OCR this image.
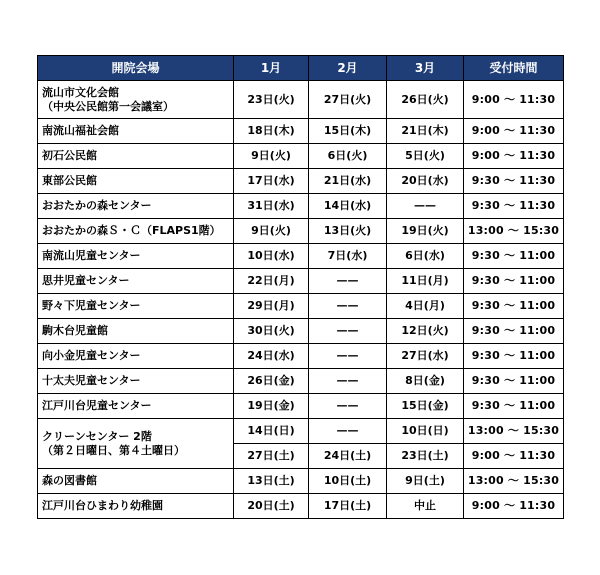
開院会場	1月	2月	3月	受付時間

流山市文化会館
（中央公民館第一会議室）	23日(火)	27日(火)	26日(火)	9:00 ～ 11:30
南流山福祉会館	18日(木)	15日(木)	21日(木)	9:00 ～ 11:30
初石公民館	9日(火)	6日(火)	5日(火)	9:00 ～ 11:30
東部公民館	17日(水)	21日(水)	20日(水)	9:30 ～ 11:30
おおたかの森センター	31日(水)	14日(水)	——	9:30 ～ 11:30
おおたかの森Ｓ・Ｃ（FLAPS1階）	9日(火)	13日(火)	19日(火)	13:00 ～ 15:30
南流山児童センター	10日(水)	7日(水)	6日(水)	9:30 ～ 11:00
思井児童センター	22日(月)	——	11日(月)	9:30 ～ 11:00
野々下児童センター	29日(月)	——	4日(月)	9:30 ～ 11:00
駒木台児童館	30日(火)	——	12日(火)	9:30 ～ 11:00
向小金児童センター	24日(水)	——	27日(水)	9:30 ～ 11:00
十太夫児童センター	26日(金)	——	8日(金)	9:30 ～ 11:00
江戸川台児童センター	19日(金)	——	15日(金)	9:30 ～ 11:00

クリーンセンター 2階
（第２日曜日、第４土曜日）	14日(日)	——	10日(日)	13:00 ～ 15:30
	27日(土)	24日(土)	23日(土)	9:00 ～ 11:30
森の図書館	13日(土)	10日(土)	9日(土)	13:00 ～ 15:30
江戸川台ひまわり幼稚園	20日(土)	17日(土)	中止	9:00 ～ 11:30
